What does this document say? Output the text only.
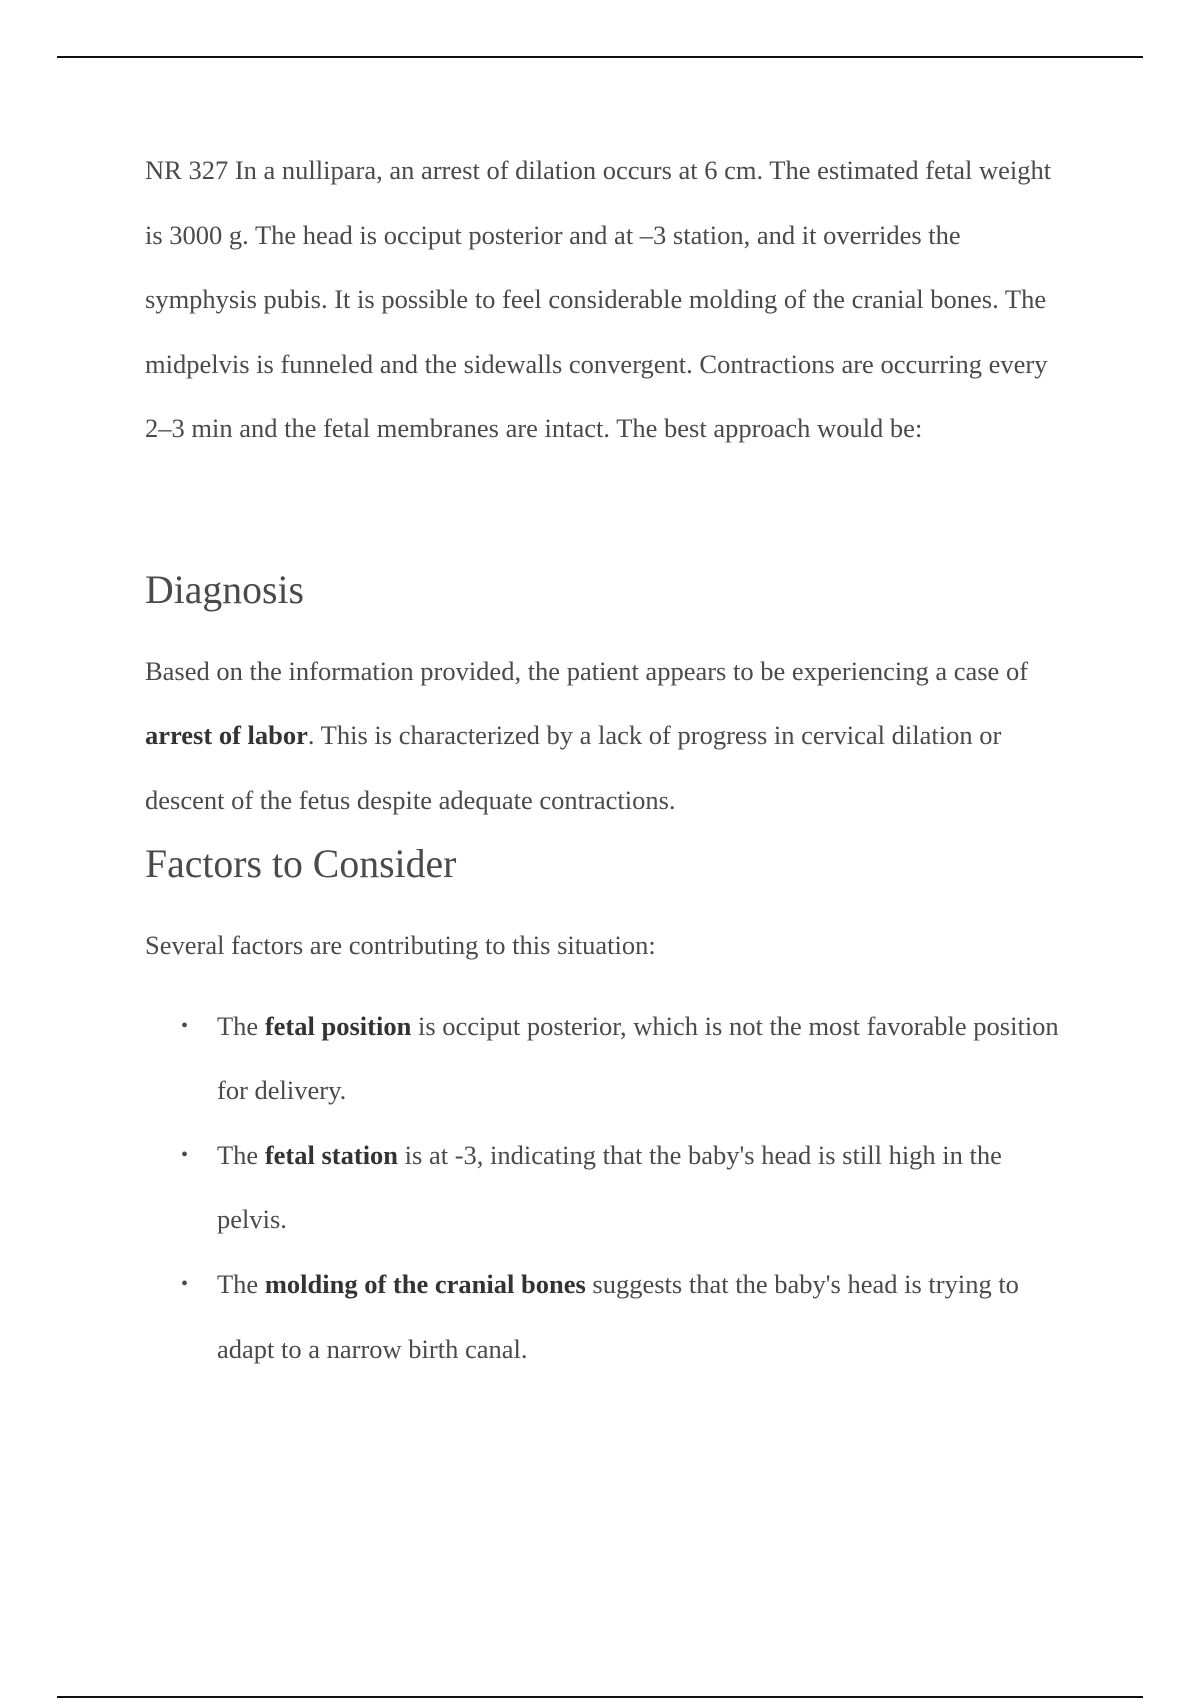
NR 327 In a nullipara, an arrest of dilation occurs at 6 cm. The estimated fetal weight is 3000 g. The head is occiput posterior and at –3 station, and it overrides the symphysis pubis. It is possible to feel considerable molding of the cranial bones. The midpelvis is funneled and the sidewalls convergent. Contractions are occurring every 2–3 min and the fetal membranes are intact. The best approach would be:

Diagnosis

Based on the information provided, the patient appears to be experiencing a case of arrest of labor. This is characterized by a lack of progress in cervical dilation or descent of the fetus despite adequate contractions.

Factors to Consider

Several factors are contributing to this situation:

• The fetal position is occiput posterior, which is not the most favorable position for delivery.
• The fetal station is at -3, indicating that the baby's head is still high in the pelvis.
• The molding of the cranial bones suggests that the baby's head is trying to adapt to a narrow birth canal.
